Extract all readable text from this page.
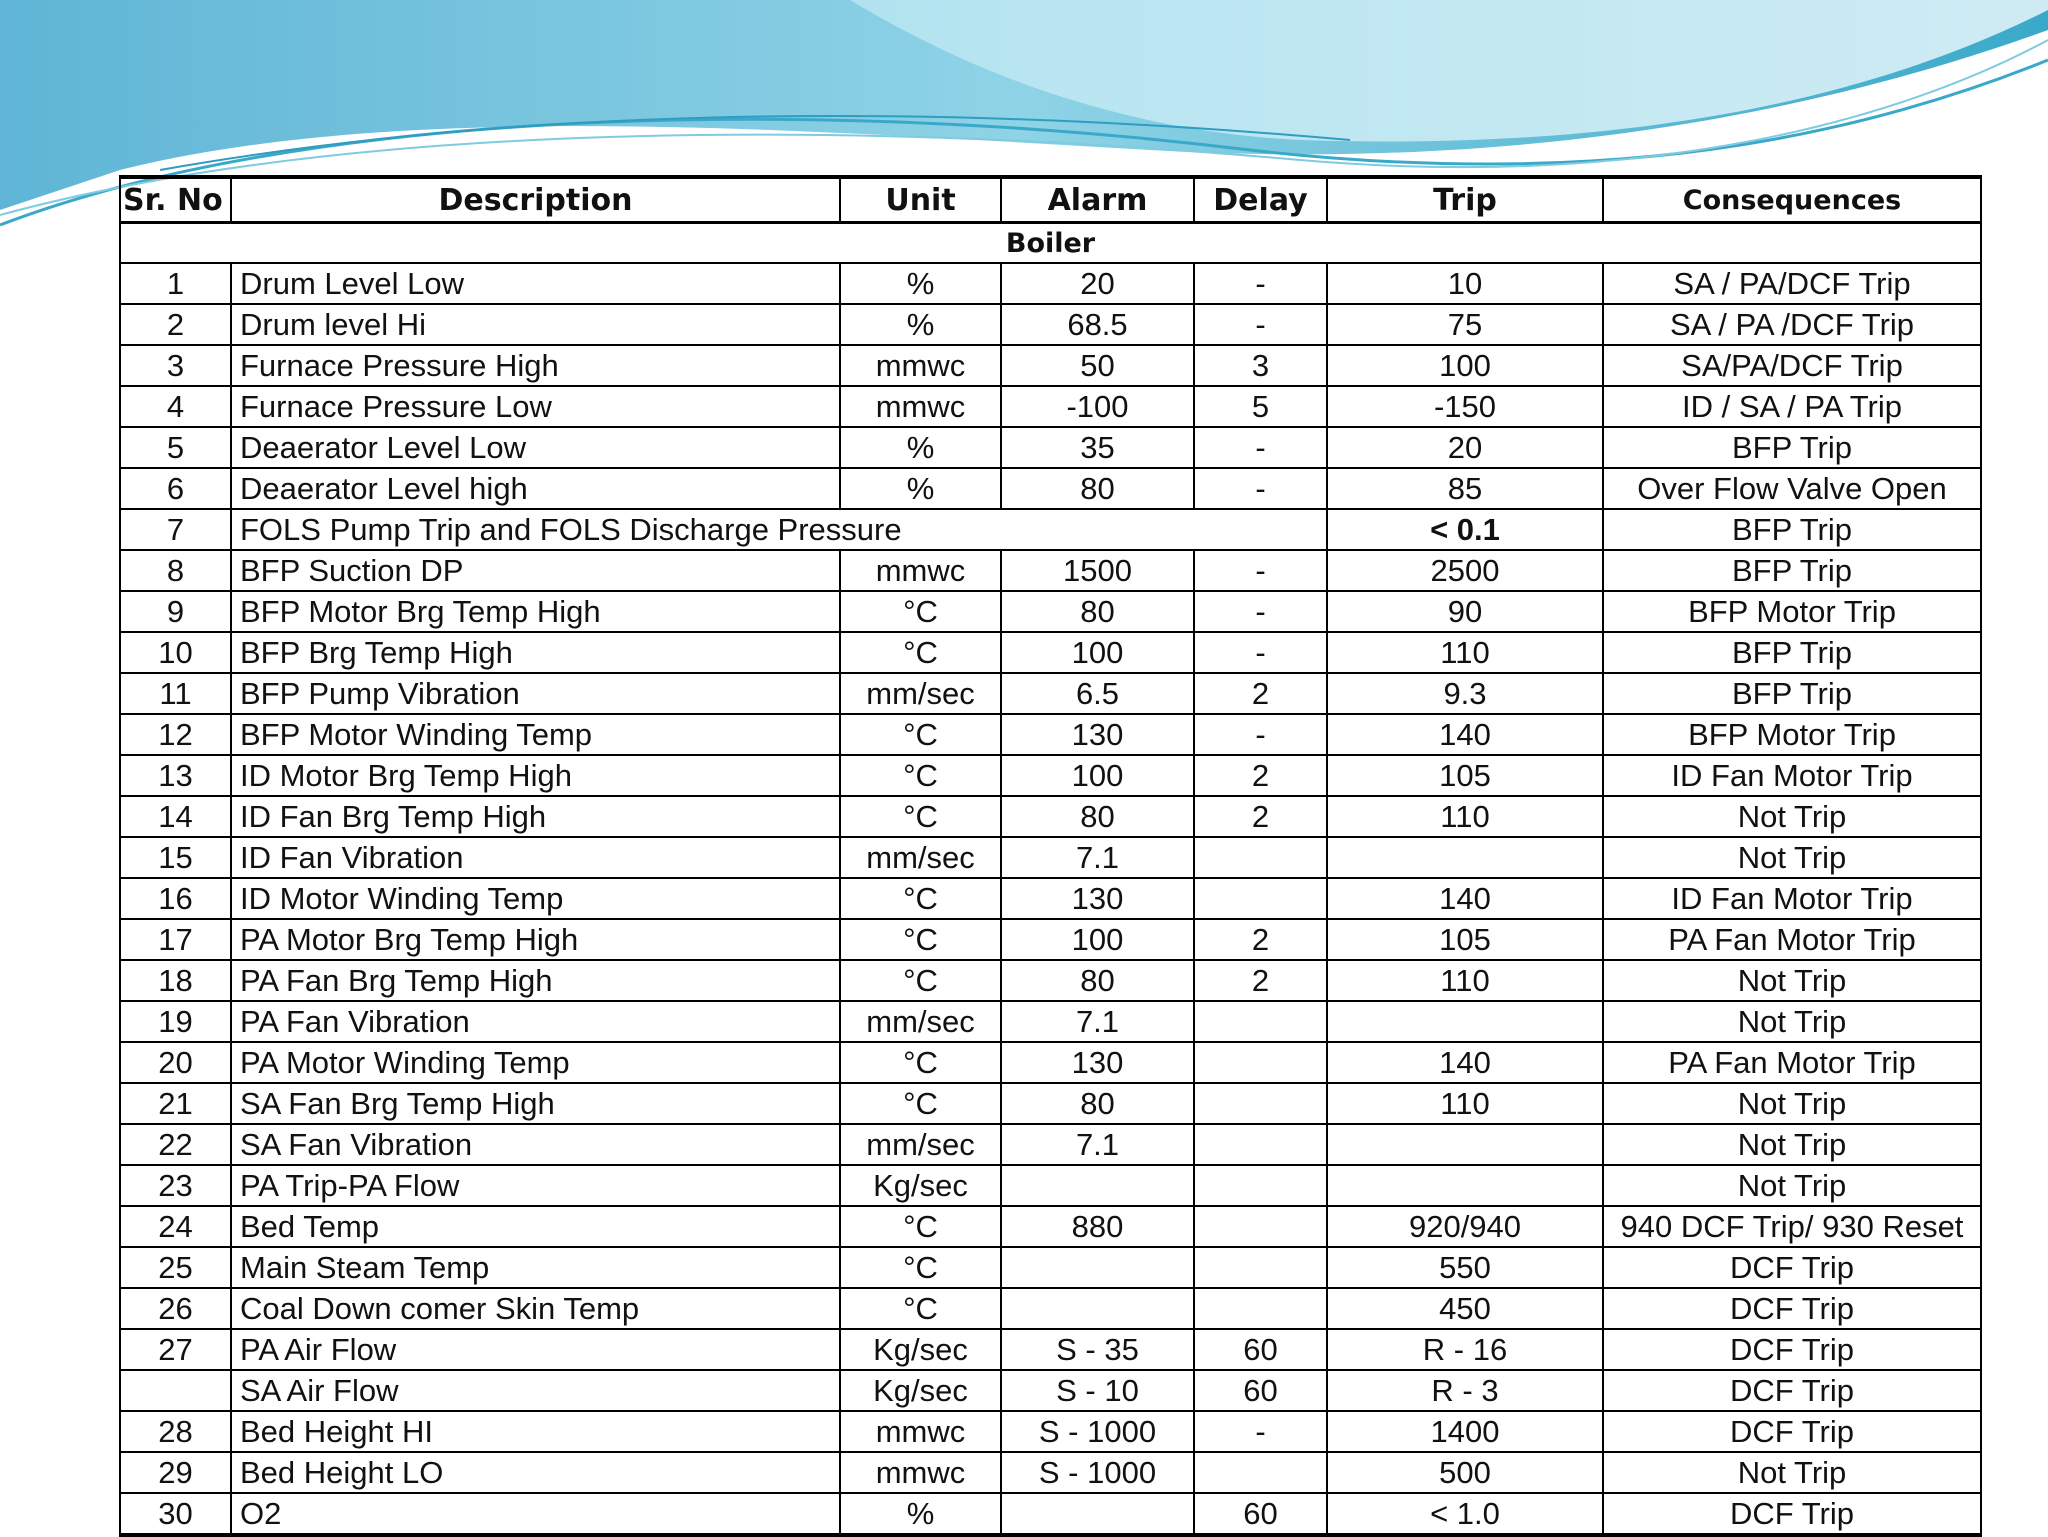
Sr. No	Description	Unit	Alarm	Delay	Trip	Consequences
Boiler						
1	Drum Level Low	%	20	-	10	SA / PA/DCF Trip
2	Drum level Hi	%	68.5	-	75	SA / PA /DCF Trip
3	Furnace Pressure High	mmwc	50	3	100	SA/PA/DCF Trip
4	Furnace Pressure Low	mmwc	-100	5	-150	ID / SA / PA Trip
5	Deaerator Level Low	%	35	-	20	BFP Trip
6	Deaerator Level high	%	80	-	85	Over Flow Valve Open
7	FOLS Pump Trip and FOLS Discharge Pressure				< 0.1	BFP Trip
8	BFP Suction DP	mmwc	1500	-	2500	BFP Trip
9	BFP Motor Brg Temp High	°C	80	-	90	BFP Motor Trip
10	BFP Brg Temp High	°C	100	-	110	BFP Trip
11	BFP Pump Vibration	mm/sec	6.5	2	9.3	BFP Trip
12	BFP Motor Winding Temp	°C	130	-	140	BFP Motor Trip
13	ID Motor Brg Temp High	°C	100	2	105	ID Fan Motor Trip
14	ID Fan Brg Temp High	°C	80	2	110	Not Trip
15	ID Fan Vibration	mm/sec	7.1			Not Trip
16	ID Motor Winding Temp	°C	130		140	ID Fan Motor Trip
17	PA Motor Brg Temp High	°C	100	2	105	PA Fan Motor Trip
18	PA Fan Brg Temp High	°C	80	2	110	Not Trip
19	PA Fan Vibration	mm/sec	7.1			Not Trip
20	PA Motor Winding Temp	°C	130		140	PA Fan Motor Trip
21	SA Fan Brg Temp High	°C	80		110	Not Trip
22	SA Fan Vibration	mm/sec	7.1			Not Trip
23	PA Trip-PA Flow	Kg/sec				Not Trip
24	Bed Temp	°C	880		920/940	940 DCF Trip/ 930 Reset
25	Main Steam Temp	°C			550	DCF Trip
26	Coal Down comer Skin Temp	°C			450	DCF Trip
27	PA Air Flow	Kg/sec	S - 35	60	R - 16	DCF Trip
	SA Air Flow	Kg/sec	S - 10	60	R - 3	DCF Trip
28	Bed Height HI	mmwc	S - 1000	-	1400	DCF Trip
29	Bed Height LO	mmwc	S - 1000		500	Not Trip
30	O2	%		60	< 1.0	DCF Trip
